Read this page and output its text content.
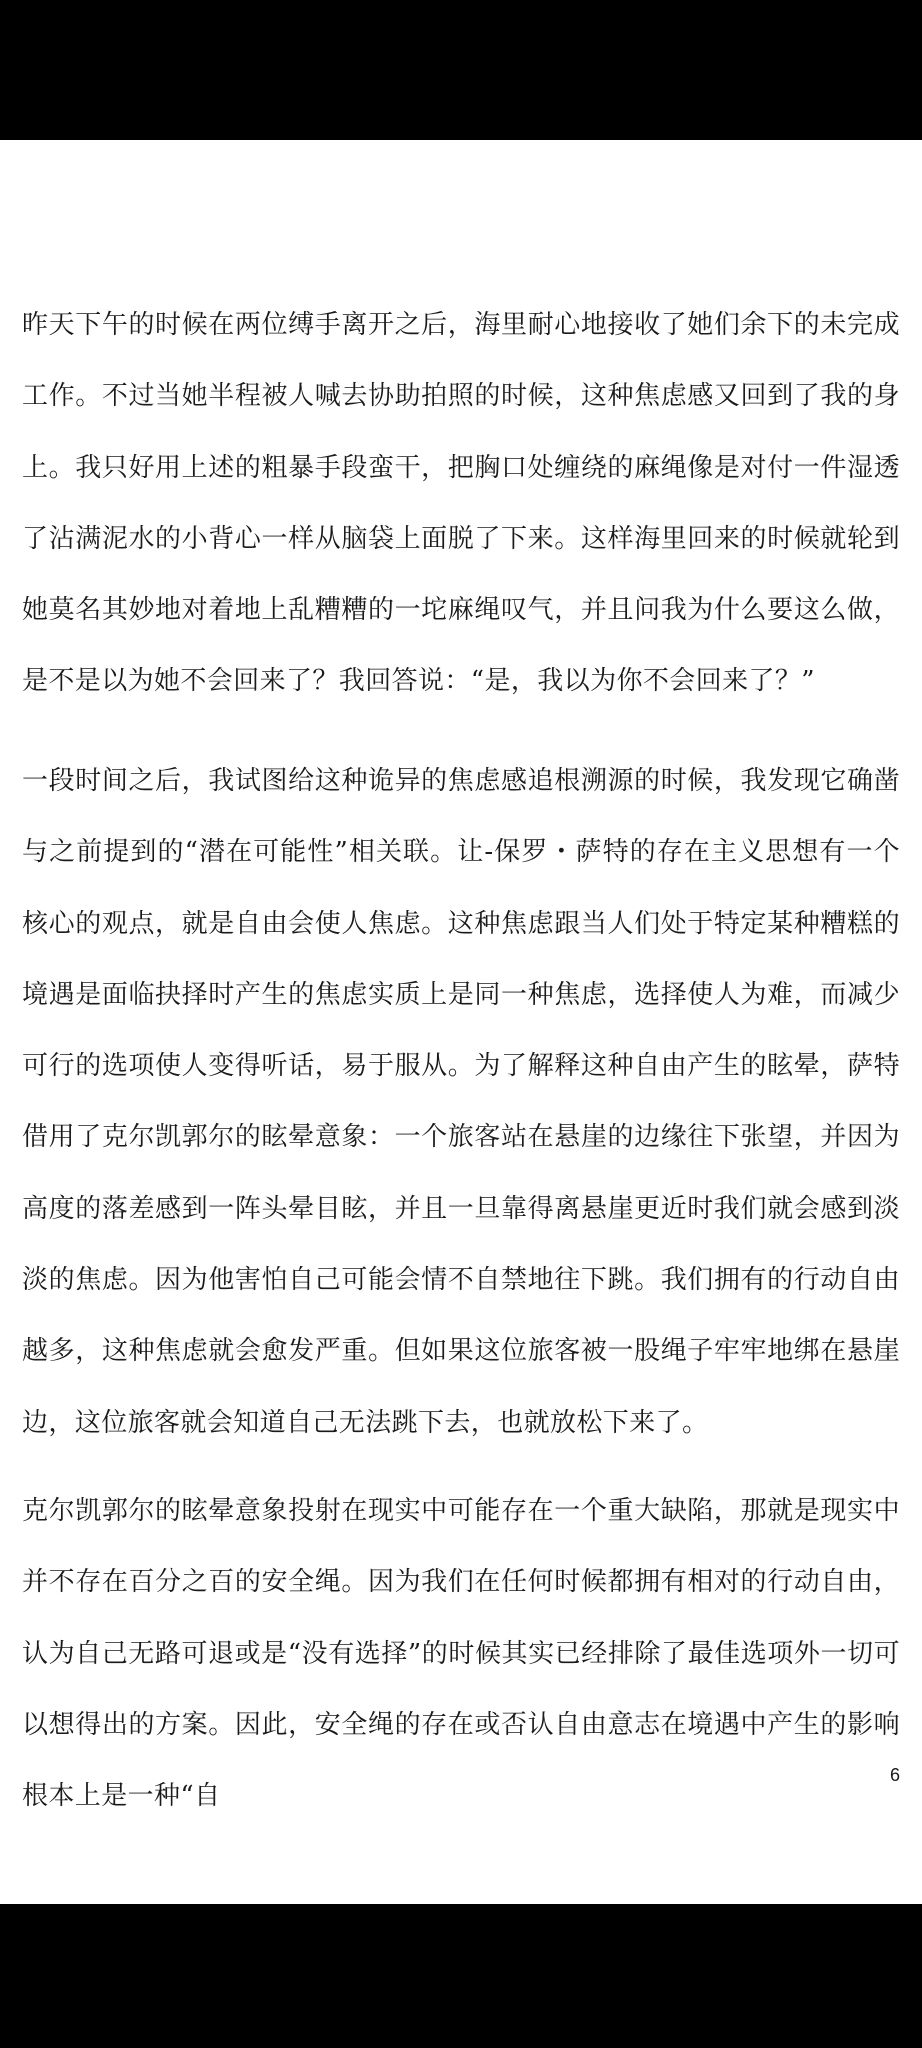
昨天下午的时候在两位缚手离开之后，海里耐心地接收了她们余下的未完成工作。不过当她半程被人喊去协助拍照的时候，这种焦虑感又回到了我的身上。我只好用上述的粗暴手段蛮干，把胸口处缠绕的麻绳像是对付一件湿透了沾满泥水的小背心一样从脑袋上面脱了下来。这样海里回来的时候就轮到她莫名其妙地对着地上乱糟糟的一坨麻绳叹气，并且问我为什么要这么做，是不是以为她不会回来了？我回答说：“是，我以为你不会回来了？”

一段时间之后，我试图给这种诡异的焦虑感追根溯源的时候，我发现它确凿与之前提到的“潜在可能性”相关联。让-保罗・萨特的存在主义思想有一个核心的观点，就是自由会使人焦虑。这种焦虑跟当人们处于特定某种糟糕的境遇是面临抉择时产生的焦虑实质上是同一种焦虑，选择使人为难，而减少可行的选项使人变得听话，易于服从。为了解释这种自由产生的眩晕，萨特借用了克尔凯郭尔的眩晕意象：一个旅客站在悬崖的边缘往下张望，并因为高度的落差感到一阵头晕目眩，并且一旦靠得离悬崖更近时我们就会感到淡淡的焦虑。因为他害怕自己可能会情不自禁地往下跳。我们拥有的行动自由越多，这种焦虑就会愈发严重。但如果这位旅客被一股绳子牢牢地绑在悬崖边，这位旅客就会知道自己无法跳下去，也就放松下来了。

克尔凯郭尔的眩晕意象投射在现实中可能存在一个重大缺陷，那就是现实中并不存在百分之百的安全绳。因为我们在任何时候都拥有相对的行动自由，认为自己无路可退或是“没有选择”的时候其实已经排除了最佳选项外一切可以想得出的方案。因此，安全绳的存在或否认自由意志在境遇中产生的影响根本上是一种“自

6
